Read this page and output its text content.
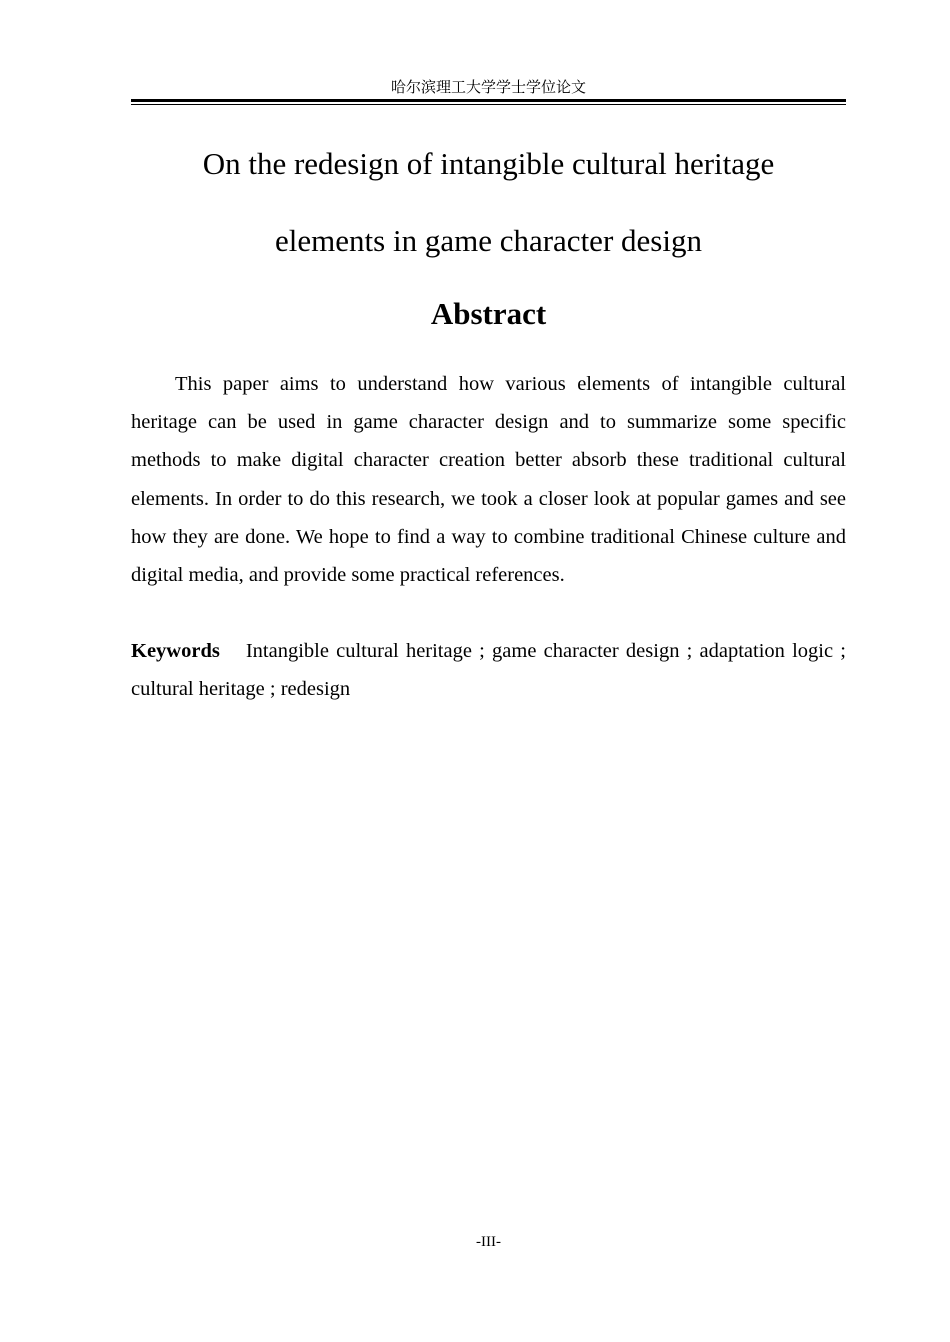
哈尔滨理工大学学士学位论文
On the redesign of intangible cultural heritage
elements in game character design
Abstract

This paper aims to understand how various elements of intangible cultural heritage can be used in game character design and to summarize some specific methods to make digital character creation better absorb these traditional cultural elements. In order to do this research, we took a closer look at popular games and see how they are done. We hope to find a way to combine traditional Chinese culture and digital media, and provide some practical references.

Keywords Intangible cultural heritage ; game character design ; adaptation logic ; cultural heritage ; redesign

-III-
